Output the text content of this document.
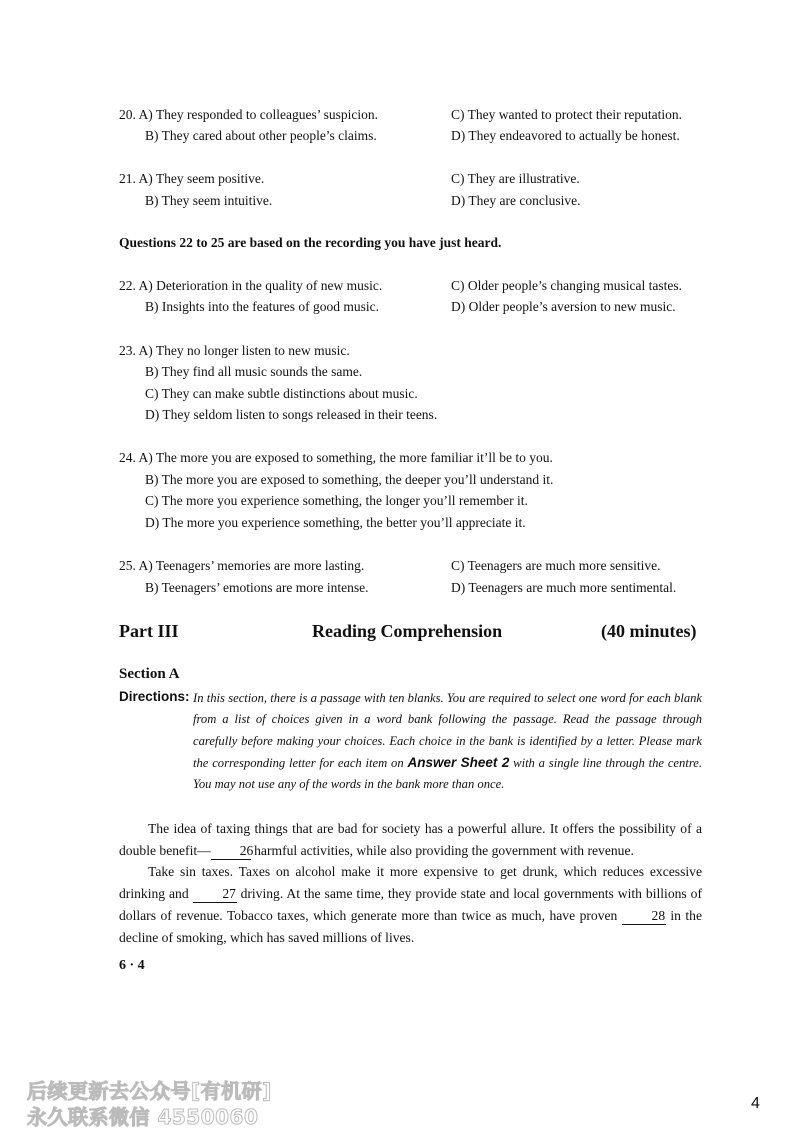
20. A) They responded to colleagues’ suspicion.
B) They cared about other people’s claims.
C) They wanted to protect their reputation.
D) They endeavored to actually be honest.
21. A) They seem positive.
B) They seem intuitive.
C) They are illustrative.
D) They are conclusive.
Questions 22 to 25 are based on the recording you have just heard.
22. A) Deterioration in the quality of new music.
B) Insights into the features of good music.
C) Older people’s changing musical tastes.
D) Older people’s aversion to new music.
23. A) They no longer listen to new music.
B) They find all music sounds the same.
C) They can make subtle distinctions about music.
D) They seldom listen to songs released in their teens.
24. A) The more you are exposed to something, the more familiar it’ll be to you.
B) The more you are exposed to something, the deeper you’ll understand it.
C) The more you experience something, the longer you’ll remember it.
D) The more you experience something, the better you’ll appreciate it.
25. A) Teenagers’ memories are more lasting.
B) Teenagers’ emotions are more intense.
C) Teenagers are much more sensitive.
D) Teenagers are much more sentimental.
Part III	Reading Comprehension	(40 minutes)
Section A
Directions: In this section, there is a passage with ten blanks. You are required to select one word for each blank from a list of choices given in a word bank following the passage. Read the passage through carefully before making your choices. Each choice in the bank is identified by a letter. Please mark the corresponding letter for each item on Answer Sheet 2 with a single line through the centre. You may not use any of the words in the bank more than once.
The idea of taxing things that are bad for society has a powerful allure. It offers the possibility of a double benefit— 26 harmful activities, while also providing the government with revenue.
Take sin taxes. Taxes on alcohol make it more expensive to get drunk, which reduces excessive drinking and 27 driving. At the same time, they provide state and local governments with billions of dollars of revenue. Tobacco taxes, which generate more than twice as much, have proven 28 in the decline of smoking, which has saved millions of lives.
6 · 4
后续更新去公众号[有机研]
永久联系微信 4550060
4
